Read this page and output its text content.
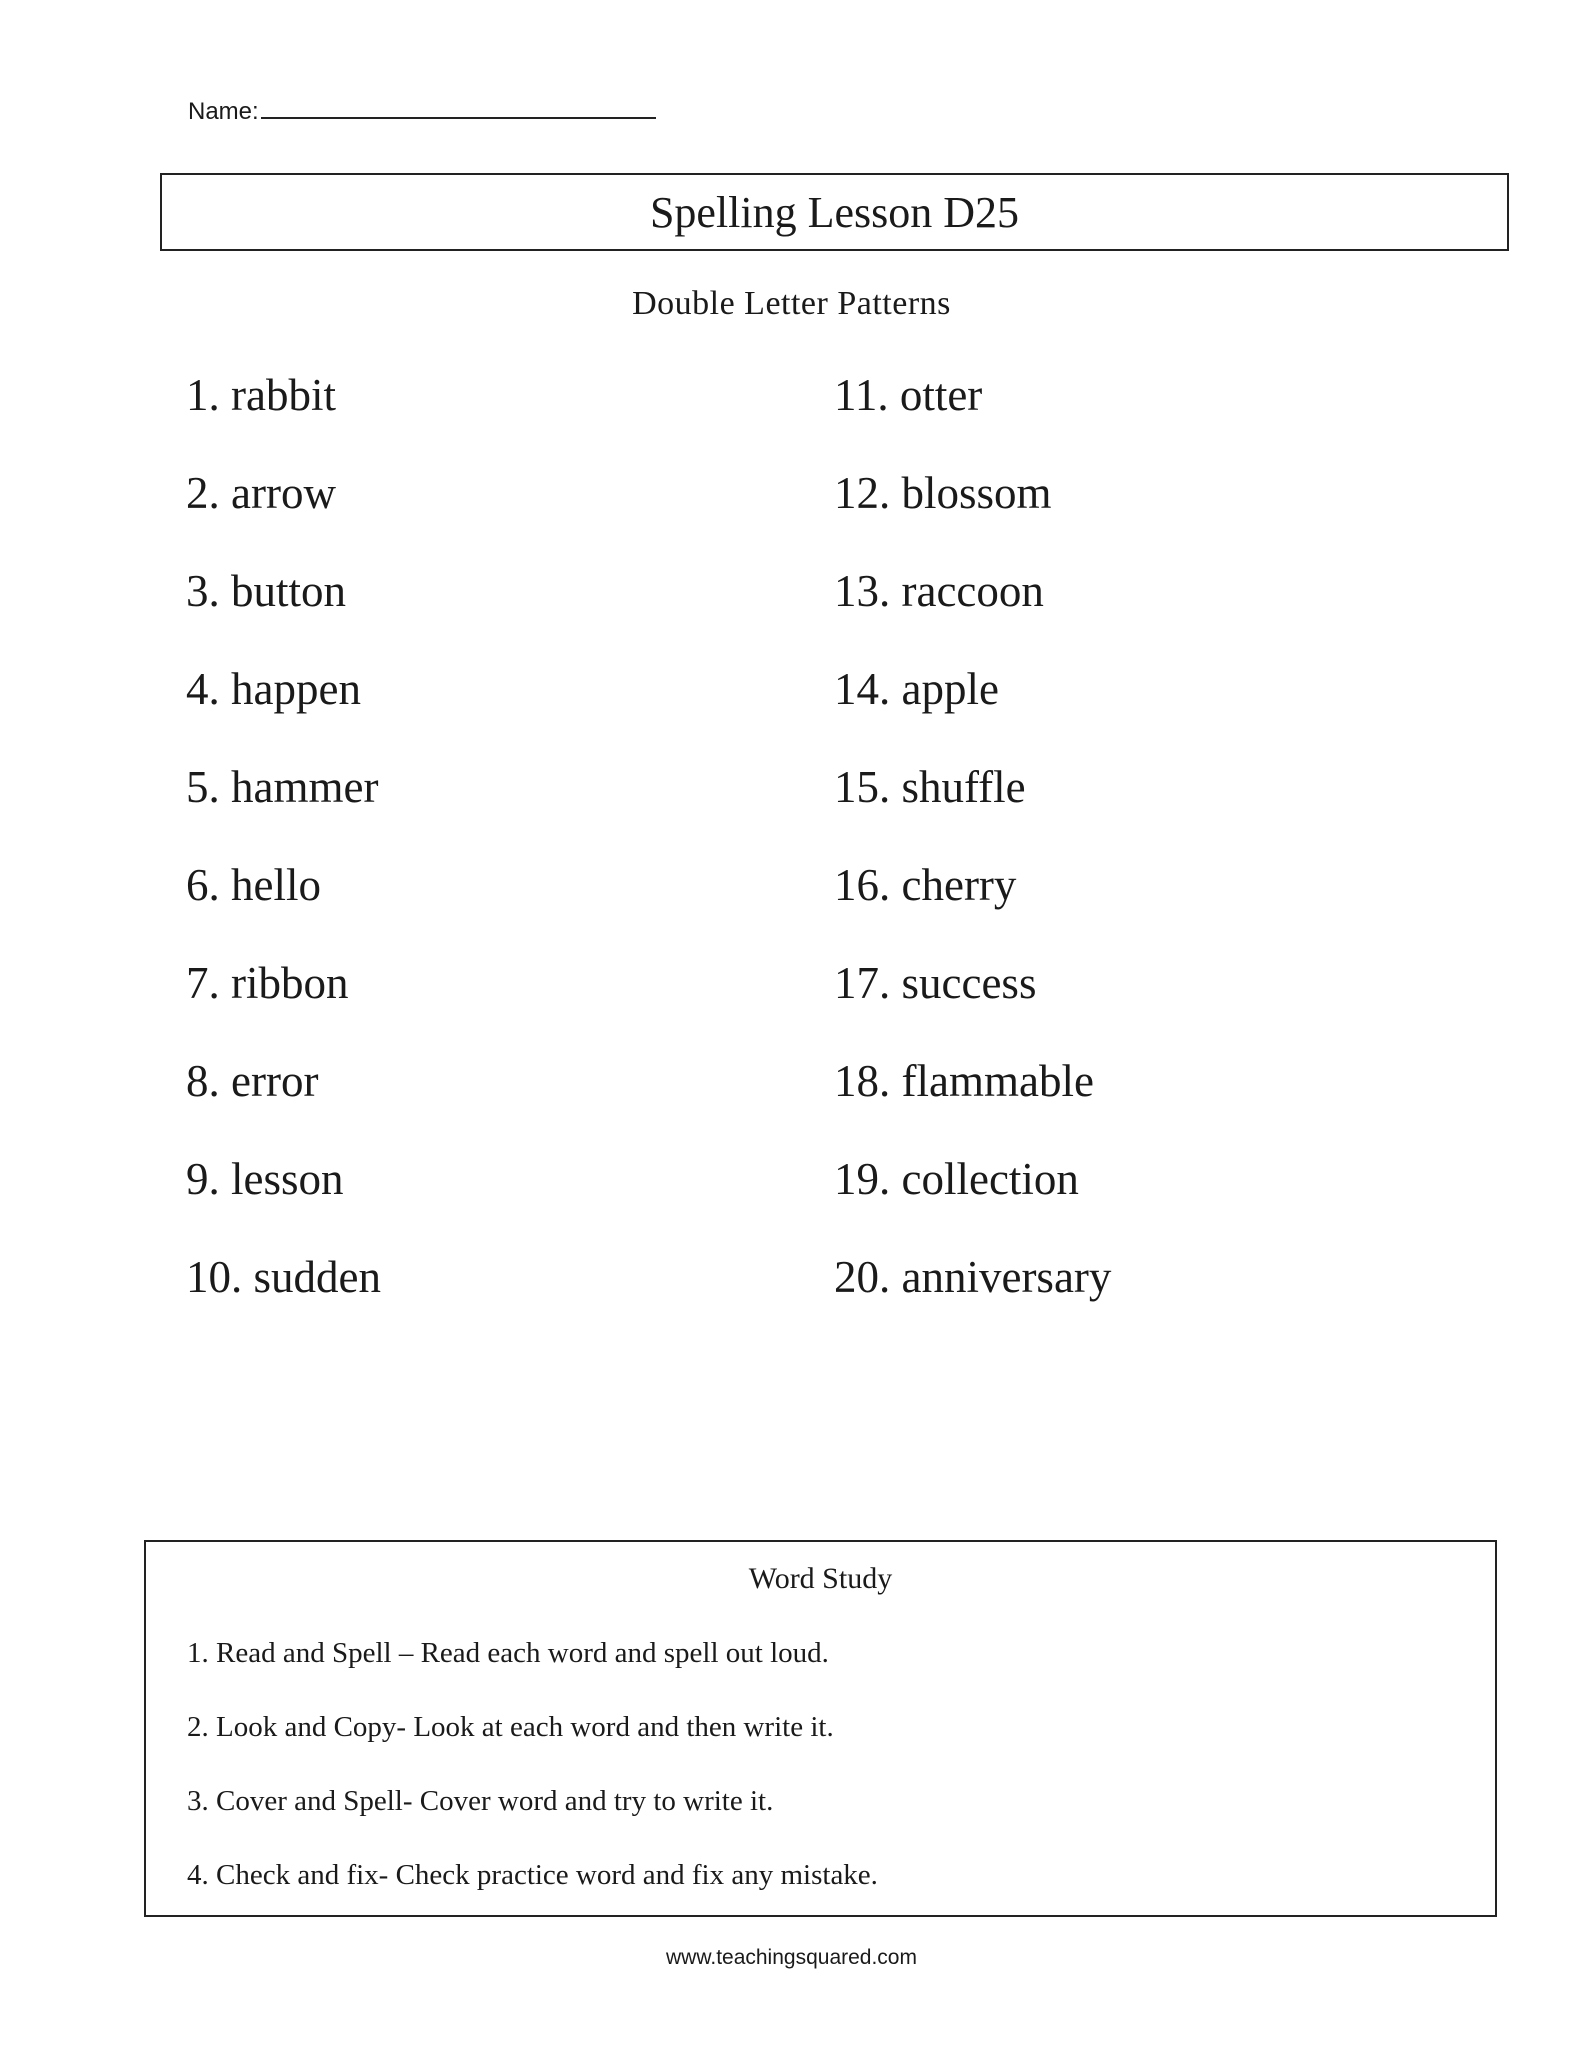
Name:
Spelling Lesson D25
Double Letter Patterns
1. rabbit
2. arrow
3. button
4. happen
5. hammer
6. hello
7. ribbon
8. error
9. lesson
10. sudden
11. otter
12. blossom
13. raccoon
14. apple
15. shuffle
16. cherry
17. success
18. flammable
19. collection
20. anniversary
Word Study
1. Read and Spell – Read each word and spell out loud.
2. Look and Copy- Look at each word and then write it.
3. Cover and Spell- Cover word and try to write it.
4. Check and fix- Check practice word and fix any mistake.
www.teachingsquared.com
